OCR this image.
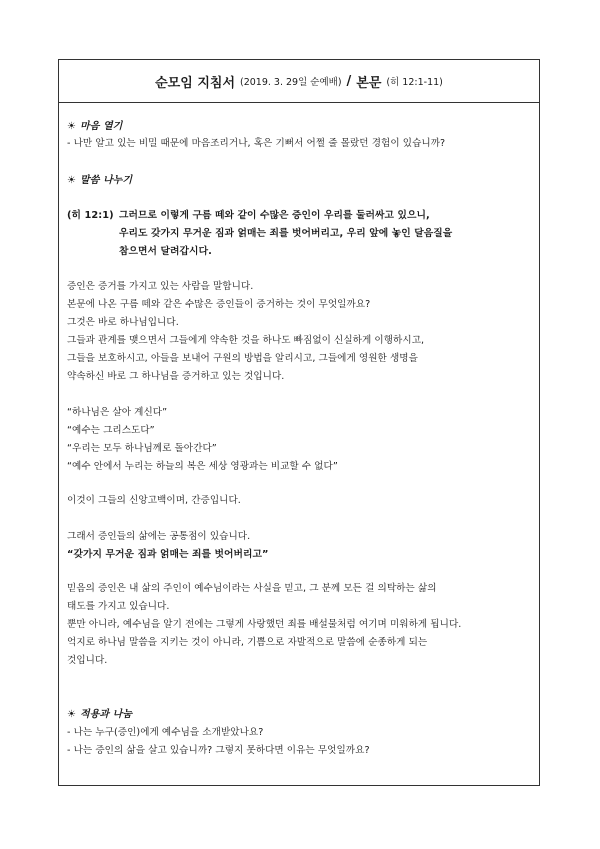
순모임 지침서 (2019. 3. 29일 순예배) / 본문 (히 12:1-11)
☀ 마음 열기
- 나만 알고 있는 비밀 때문에 마음조리거나, 혹은 기뻐서 어쩔 줄 몰랐던 경험이 있습니까?
☀ 말씀 나누기
(히 12:1) 그러므로 이렇게 구름 떼와 같이 수많은 증인이 우리를 둘러싸고 있으니,
우리도 갖가지 무거운 짐과 얽매는 죄를 벗어버리고, 우리 앞에 놓인 달음질을
참으면서 달려갑시다.
증인은 증거를 가지고 있는 사람을 말합니다.
본문에 나온 구름 떼와 같은 수많은 증인들이 증거하는 것이 무엇일까요?
그것은 바로 하나님입니다.
그들과 관계를 맺으면서 그들에게 약속한 것을 하나도 빠짐없이 신실하게 이행하시고,
그들을 보호하시고, 아들을 보내어 구원의 방법을 알리시고, 그들에게 영원한 생명을
약속하신 바로 그 하나님을 증거하고 있는 것입니다.
“하나님은 살아 계신다”
“예수는 그리스도다”
“우리는 모두 하나님께로 돌아간다”
“예수 안에서 누리는 하늘의 복은 세상 영광과는 비교할 수 없다”
이것이 그들의 신앙고백이며, 간증입니다.
그래서 증인들의 삶에는 공통점이 있습니다.
“갖가지 무거운 짐과 얽매는 죄를 벗어버리고”
믿음의 증인은 내 삶의 주인이 예수님이라는 사실을 믿고, 그 분께 모든 걸 의탁하는 삶의
태도를 가지고 있습니다.
뿐만 아니라, 예수님을 알기 전에는 그렇게 사랑했던 죄를 배설물처럼 여기며 미워하게 됩니다.
억지로 하나님 말씀을 지키는 것이 아니라, 기쁨으로 자발적으로 말씀에 순종하게 되는
것입니다.
☀ 적용과 나눔
- 나는 누구(증인)에게 예수님을 소개받았나요?
- 나는 증인의 삶을 살고 있습니까? 그렇지 못하다면 이유는 무엇일까요?
